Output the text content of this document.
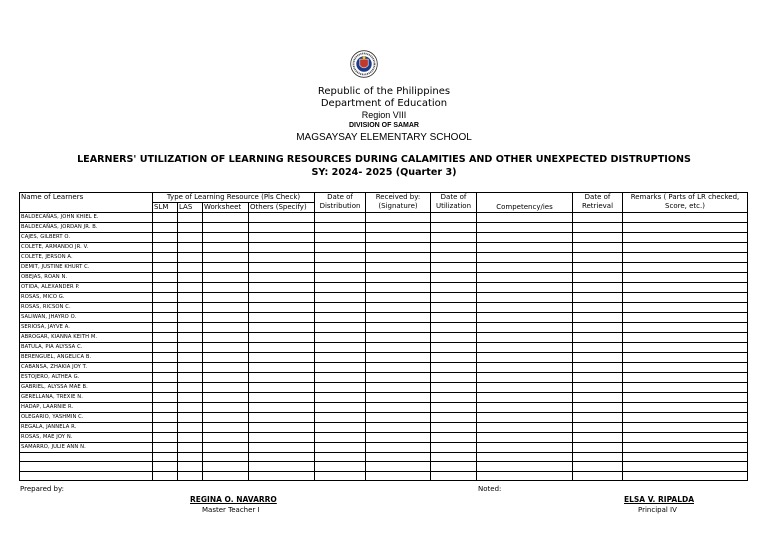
Republic of the Philippines
Department of Education
Region VIII
DIVISION OF SAMAR
MAGSAYSAY ELEMENTARY SCHOOL
LEARNERS' UTILIZATION OF LEARNING RESOURCES DURING CALAMITIES AND OTHER UNEXPECTED DISTRUPTIONS
SY: 2024- 2025 (Quarter 3)
Name of Learners	Type of Learning Resource (Pls Check)				Date of Distribution	Received by: (Signature)	Date of Utilization	Competency/ies	Date of Retrieval	Remarks ( Parts of LR checked, Score, etc.)
	SLM	LAS	Worksheet	Others (Specify)						
BALDECAÑAS, JOHN KHIEL E.										
BALDECAÑAS, JORDAN JR. B.										
CAJES, GILBERT O.										
COLETE, ARMANDO JR. V.										
COLETE, JERSON A.										
DEMIT, JUSTINE KHURT C.										
OBEJAS, ROAN N.										
OTIDA, ALEXANDER P.										
ROSAS, MICO G.										
ROSAS, RICSON C.										
SALIWAN, JHAYRO O.										
SERIOSA, JAYVE A.										
ABROGAR, KIANNA KEITH M.										
BATULA, PIA ALYSSA C.										
BERENGUEL, ANGELICA B.										
CABANSA, ZHAKIA JOY T.										
ESTOJERO, ALTHEA G.										
GABRIEL, ALYSSA MAE B.										
GERELLANA, TREXIE N.										
HADAP, LAARNIE R.										
OLEGARIO, YASHMIN C.										
REGALA, JANNELA R.										
ROSAS, MAE JOY N.										
SAMARRO, JULIE ANN N.										

Prepared by:
REGINA O. NAVARRO
Master Teacher I
Noted:
ELSA V. RIPALDA
Principal IV
